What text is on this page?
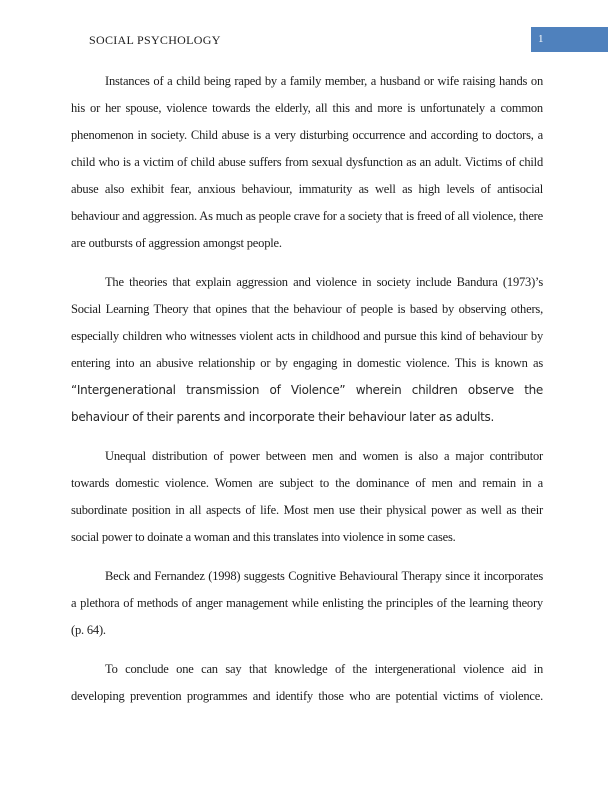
SOCIAL PSYCHOLOGY	1

Instances of a child being raped by a family member, a husband or wife raising hands on his or her spouse, violence towards the elderly, all this and more is unfortunately a common phenomenon in society. Child abuse is a very disturbing occurrence and according to doctors, a child who is a victim of child abuse suffers from sexual dysfunction as an adult. Victims of child abuse also exhibit fear, anxious behaviour, immaturity as well as high levels of antisocial behaviour and aggression. As much as people crave for a society that is freed of all violence, there are outbursts of aggression amongst people.

The theories that explain aggression and violence in society include Bandura (1973)’s Social Learning Theory that opines that the behaviour of people is based by observing others, especially children who witnesses violent acts in childhood and pursue this kind of behaviour by entering into an abusive relationship or by engaging in domestic violence. This is known as “Intergenerational transmission of Violence” wherein children observe the behaviour of their parents and incorporate their behaviour later as adults.

Unequal distribution of power between men and women is also a major contributor towards domestic violence. Women are subject to the dominance of men and remain in a subordinate position in all aspects of life. Most men use their physical power as well as their social power to doinate a woman and this translates into violence in some cases.

Beck and Fernandez (1998) suggests Cognitive Behavioural Therapy since it incorporates a plethora of methods of anger management while enlisting the principles of the learning theory (p. 64).

To conclude one can say that knowledge of the intergenerational violence aid in developing prevention programmes and identify those who are potential victims of violence.
